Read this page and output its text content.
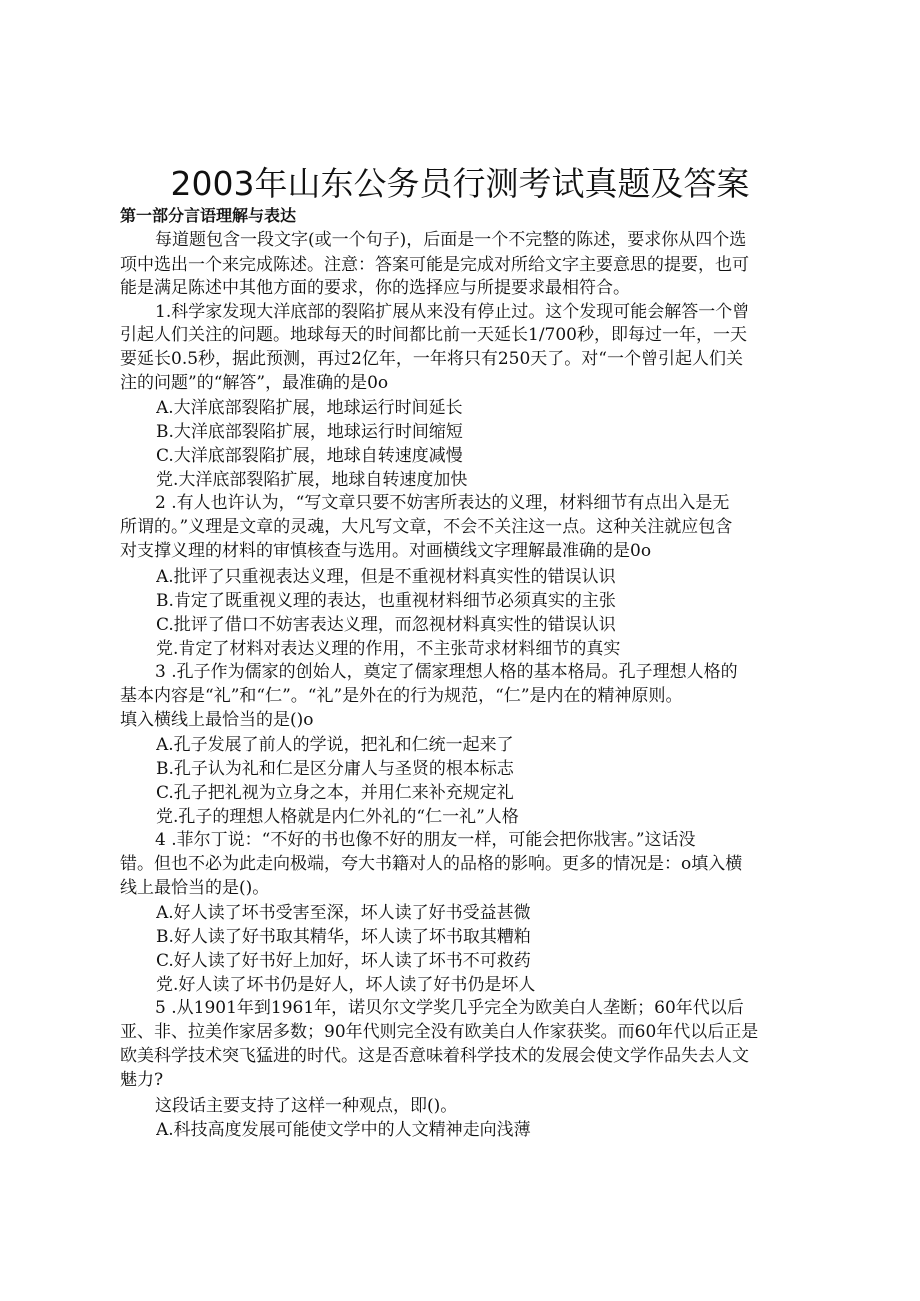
2003年山东公务员行测考试真题及答案
第一部分言语理解与表达
每道题包含一段文字(或一个句子)，后面是一个不完整的陈述，要求你从四个选
项中选出一个来完成陈述。注意：答案可能是完成对所给文字主要意思的提要，也可
能是满足陈述中其他方面的要求，你的选择应与所提要求最相符合。
1.科学家发现大洋底部的裂陷扩展从来没有停止过。这个发现可能会解答一个曾
引起人们关注的问题。地球每天的时间都比前一天延长1/700秒，即每过一年，一天
要延长0.5秒，据此预测，再过2亿年，一年将只有250天了。对“一个曾引起人们关
注的问题”的“解答”，最准确的是0o
A.大洋底部裂陷扩展，地球运行时间延长
B.大洋底部裂陷扩展，地球运行时间缩短
C.大洋底部裂陷扩展，地球自转速度减慢
党.大洋底部裂陷扩展，地球自转速度加快
2 .有人也许认为，“写文章只要不妨害所表达的义理，材料细节有点出入是无
所谓的。”义理是文章的灵魂，大凡写文章，不会不关注这一点。这种关注就应包含
对支撑义理的材料的审慎核查与选用。对画横线文字理解最准确的是0o
A.批评了只重视表达义理，但是不重视材料真实性的错误认识
B.肯定了既重视义理的表达，也重视材料细节必须真实的主张
C.批评了借口不妨害表达义理，而忽视材料真实性的错误认识
党.肯定了材料对表达义理的作用，不主张苛求材料细节的真实
3 .孔子作为儒家的创始人，奠定了儒家理想人格的基本格局。孔子理想人格的
基本内容是“礼”和“仁”。“礼”是外在的行为规范，“仁”是内在的精神原则。
填入横线上最恰当的是()o
A.孔子发展了前人的学说，把礼和仁统一起来了
B.孔子认为礼和仁是区分庸人与圣贤的根本标志
C.孔子把礼视为立身之本，并用仁来补充规定礼
党.孔子的理想人格就是内仁外礼的“仁一礼”人格
4 .菲尔丁说：“不好的书也像不好的朋友一样，可能会把你戕害。”这话没
错。但也不必为此走向极端，夸大书籍对人的品格的影响。更多的情况是：o填入横
线上最恰当的是()。
A.好人读了坏书受害至深，坏人读了好书受益甚微
B.好人读了好书取其精华，坏人读了坏书取其糟粕
C.好人读了好书好上加好，坏人读了坏书不可救药
党.好人读了坏书仍是好人，坏人读了好书仍是坏人
5 .从1901年到1961年，诺贝尔文学奖几乎完全为欧美白人垄断；60年代以后
亚、非、拉美作家居多数；90年代则完全没有欧美白人作家获奖。而60年代以后正是
欧美科学技术突飞猛进的时代。这是否意味着科学技术的发展会使文学作品失去人文
魅力?
这段话主要支持了这样一种观点，即()。
A.科技高度发展可能使文学中的人文精神走向浅薄
